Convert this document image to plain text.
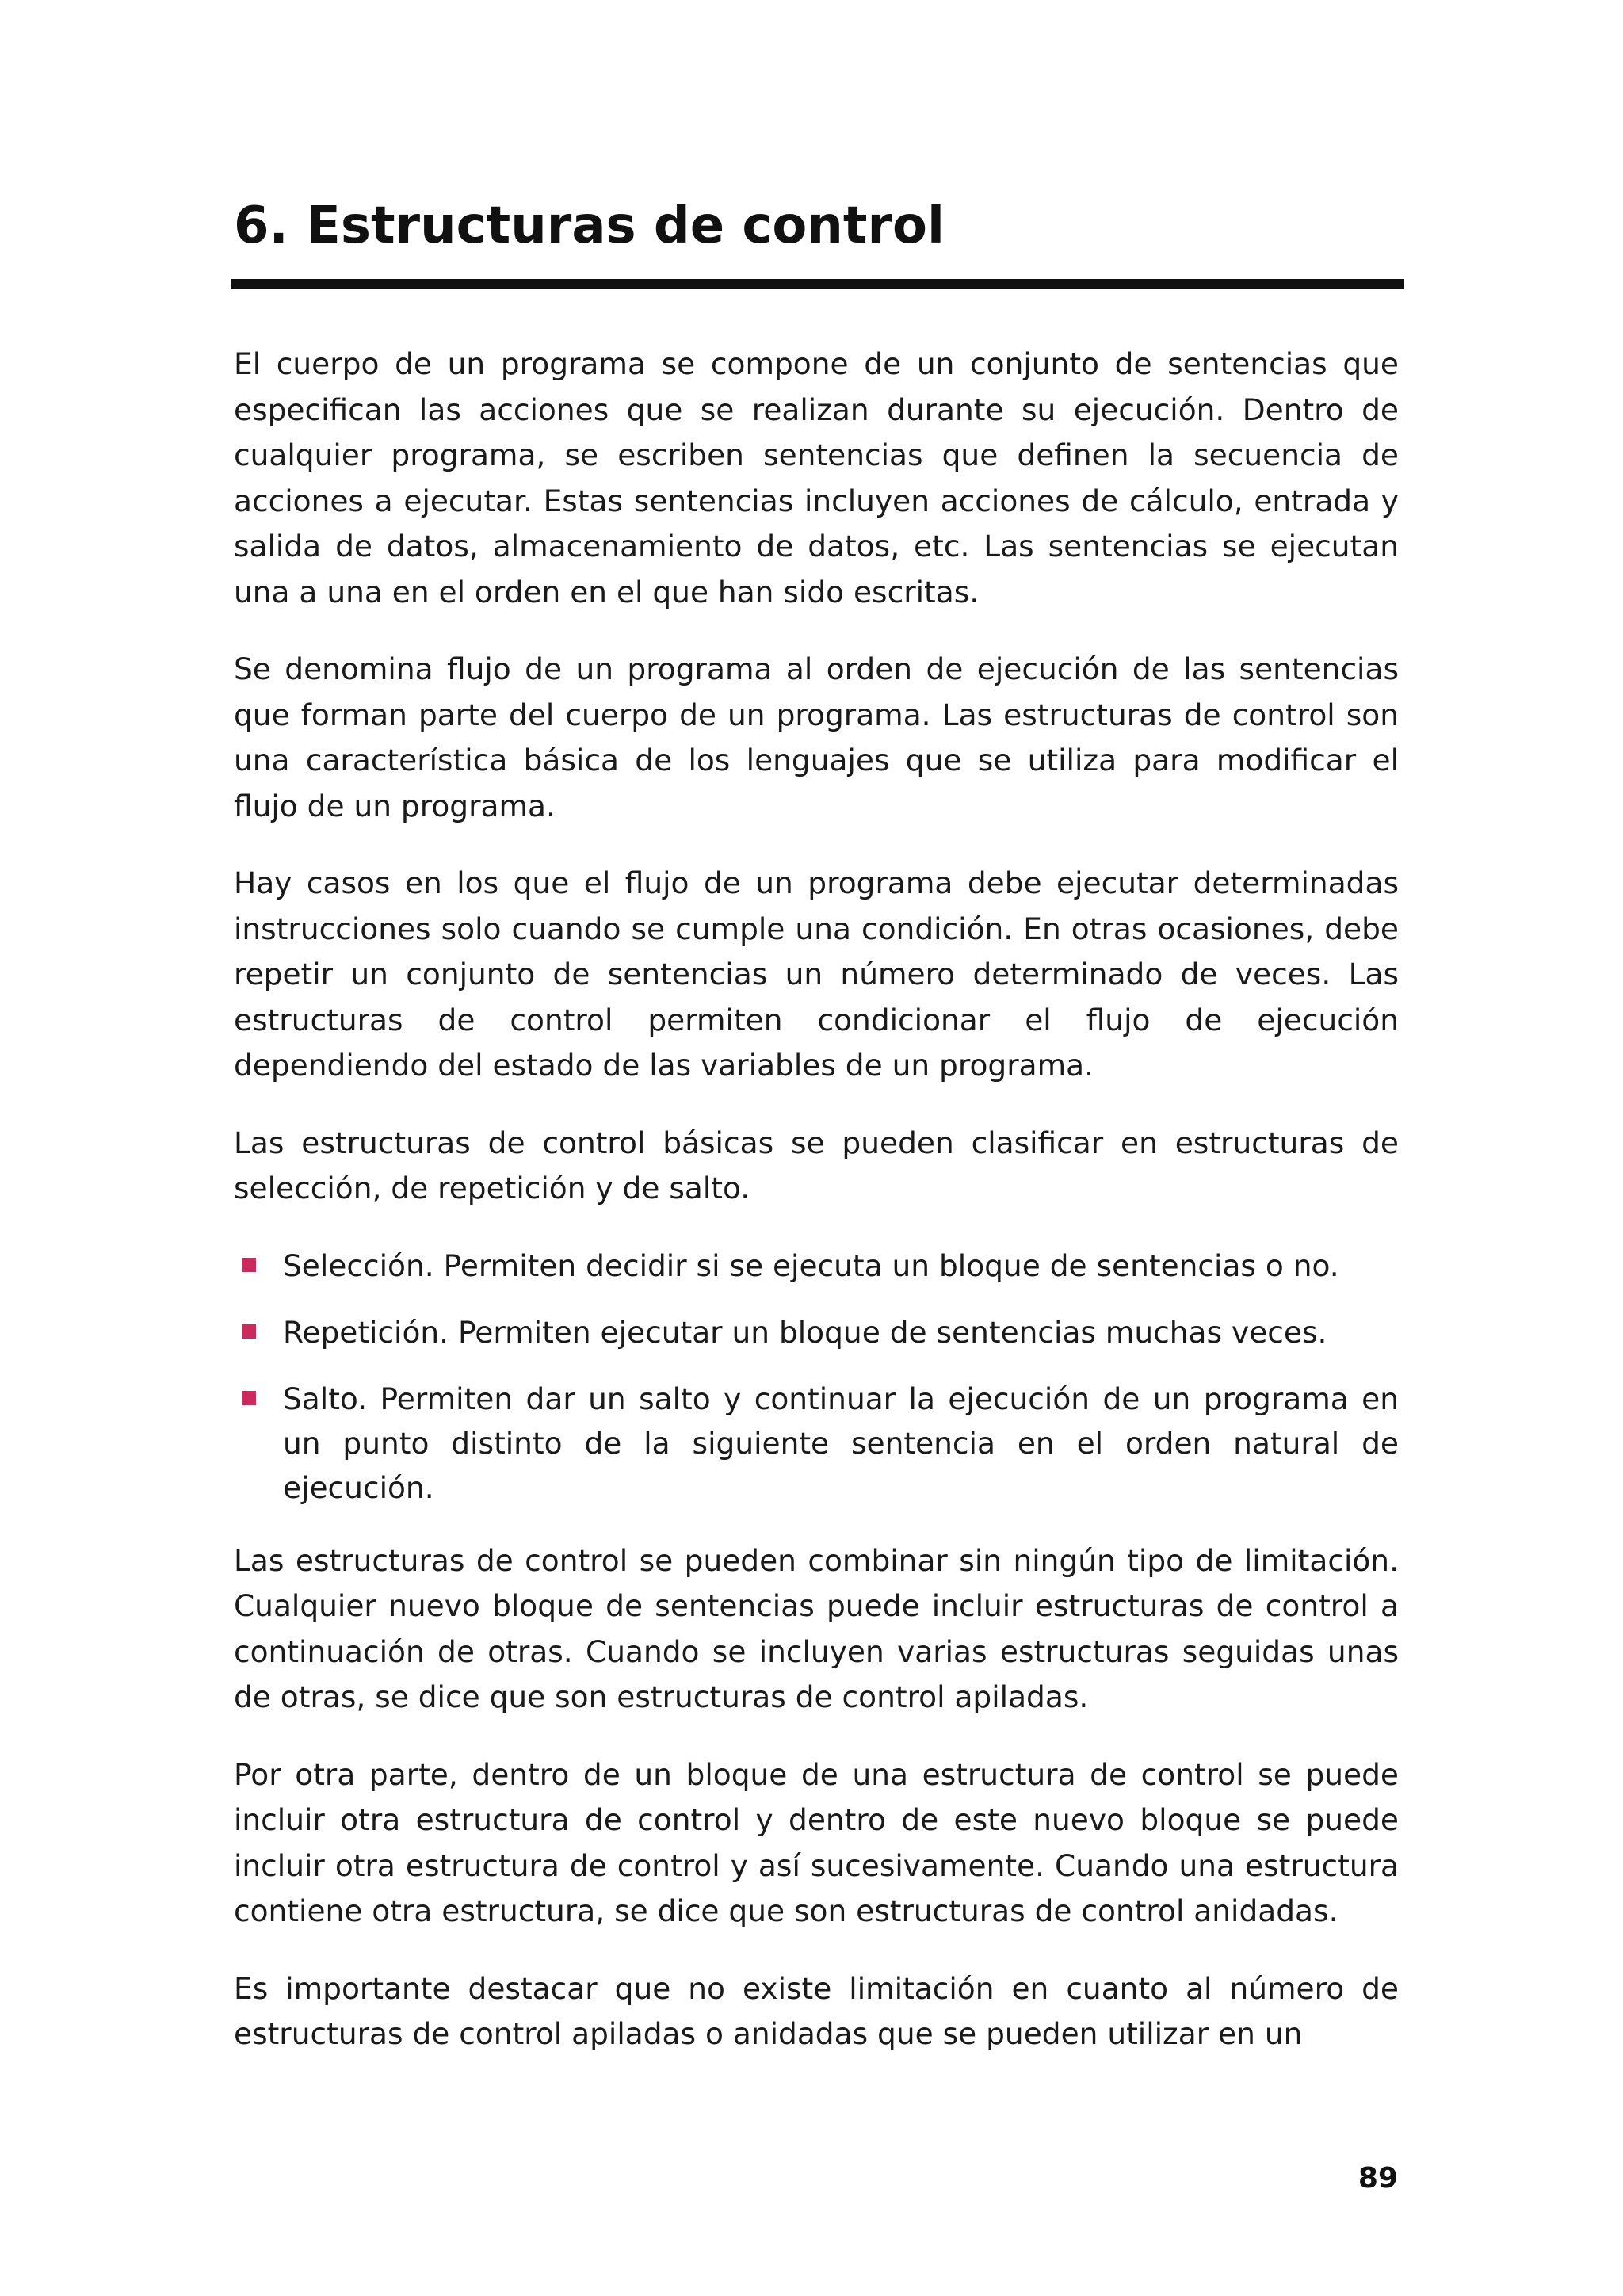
6. Estructuras de control

El cuerpo de un programa se compone de un conjunto de sentencias que especifican las acciones que se realizan durante su ejecución. Dentro de cualquier programa, se escriben sentencias que definen la secuencia de acciones a ejecutar. Estas sentencias incluyen acciones de cálculo, entrada y salida de datos, almacenamiento de datos, etc. Las sentencias se ejecutan una a una en el orden en el que han sido escritas.

Se denomina flujo de un programa al orden de ejecución de las sentencias que forman parte del cuerpo de un programa. Las estructuras de control son una característica básica de los lenguajes que se utiliza para modificar el flujo de un programa.

Hay casos en los que el flujo de un programa debe ejecutar determinadas instrucciones solo cuando se cumple una condición. En otras ocasiones, debe repetir un conjunto de sentencias un número determinado de veces. Las estructuras de control permiten condicionar el flujo de ejecución dependiendo del estado de las variables de un programa.

Las estructuras de control básicas se pueden clasificar en estructuras de selección, de repetición y de salto.

Selección. Permiten decidir si se ejecuta un bloque de sentencias o no.
Repetición. Permiten ejecutar un bloque de sentencias muchas veces.
Salto. Permiten dar un salto y continuar la ejecución de un programa en un punto distinto de la siguiente sentencia en el orden natural de ejecución.

Las estructuras de control se pueden combinar sin ningún tipo de limitación. Cualquier nuevo bloque de sentencias puede incluir estructuras de control a continuación de otras. Cuando se incluyen varias estructuras seguidas unas de otras, se dice que son estructuras de control apiladas.

Por otra parte, dentro de un bloque de una estructura de control se puede incluir otra estructura de control y dentro de este nuevo bloque se puede incluir otra estructura de control y así sucesivamente. Cuando una estructura contiene otra estructura, se dice que son estructuras de control anidadas.

Es importante destacar que no existe limitación en cuanto al número de estructuras de control apiladas o anidadas que se pueden utilizar en un

89
